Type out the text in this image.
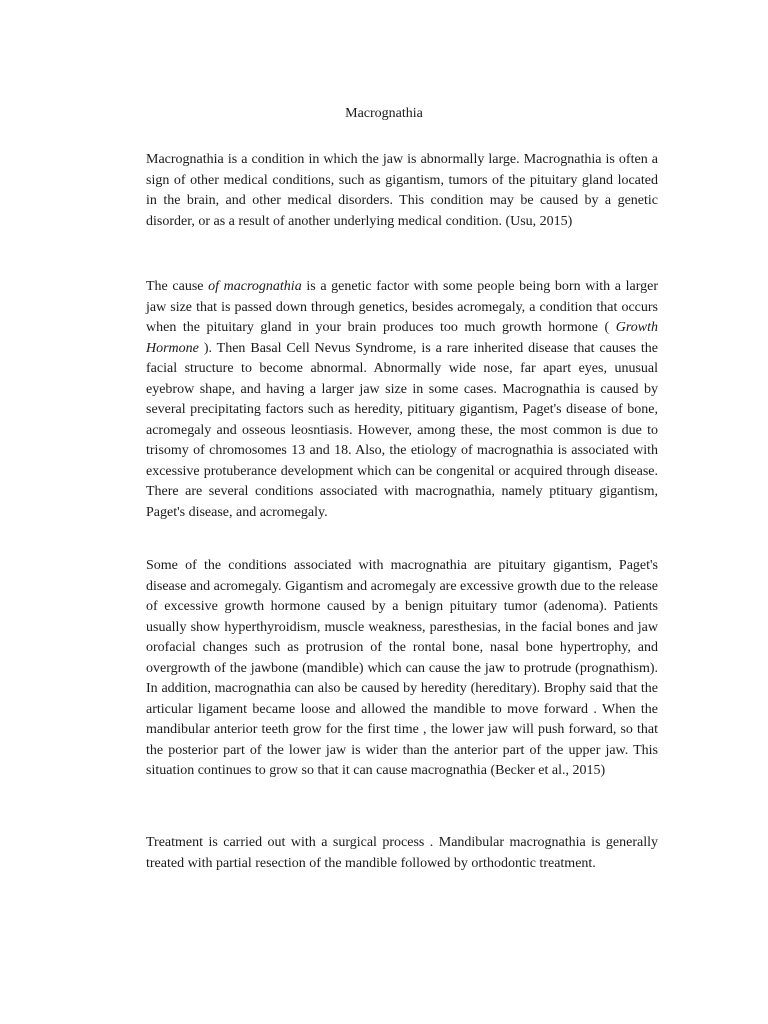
Macrognathia

Macrognathia is a condition in which the jaw is abnormally large. Macrognathia is often a sign of other medical conditions, such as gigantism, tumors of the pituitary gland located in the brain, and other medical disorders. This condition may be caused by a genetic disorder, or as a result of another underlying medical condition. (Usu, 2015)

The cause of macrognathia is a genetic factor with some people being born with a larger jaw size that is passed down through genetics, besides acromegaly, a condition that occurs when the pituitary gland in your brain produces too much growth hormone ( Growth Hormone ). Then Basal Cell Nevus Syndrome, is a rare inherited disease that causes the facial structure to become abnormal. Abnormally wide nose, far apart eyes, unusual eyebrow shape, and having a larger jaw size in some cases. Macrognathia is caused by several precipitating factors such as heredity, pitituary gigantism, Paget's disease of bone, acromegaly and osseous leosntiasis. However, among these, the most common is due to trisomy of chromosomes 13 and 18. Also, the etiology of macrognathia is associated with excessive protuberance development which can be congenital or acquired through disease. There are several conditions associated with macrognathia, namely ptituary gigantism, Paget's disease, and acromegaly.

Some of the conditions associated with macrognathia are pituitary gigantism, Paget's disease and acromegaly. Gigantism and acromegaly are excessive growth due to the release of excessive growth hormone caused by a benign pituitary tumor (adenoma). Patients usually show hyperthyroidism, muscle weakness, paresthesias, in the facial bones and jaw orofacial changes such as protrusion of the rontal bone, nasal bone hypertrophy, and overgrowth of the jawbone (mandible) which can cause the jaw to protrude (prognathism). In addition, macrognathia can also be caused by heredity (hereditary). Brophy said that the articular ligament became loose and allowed the mandible to move forward . When the mandibular anterior teeth grow for the first time , the lower jaw will push forward, so that the posterior part of the lower jaw is wider than the anterior part of the upper jaw. This situation continues to grow so that it can cause macrognathia (Becker et al., 2015)

Treatment is carried out with a surgical process . Mandibular macrognathia is generally treated with partial resection of the mandible followed by orthodontic treatment.
